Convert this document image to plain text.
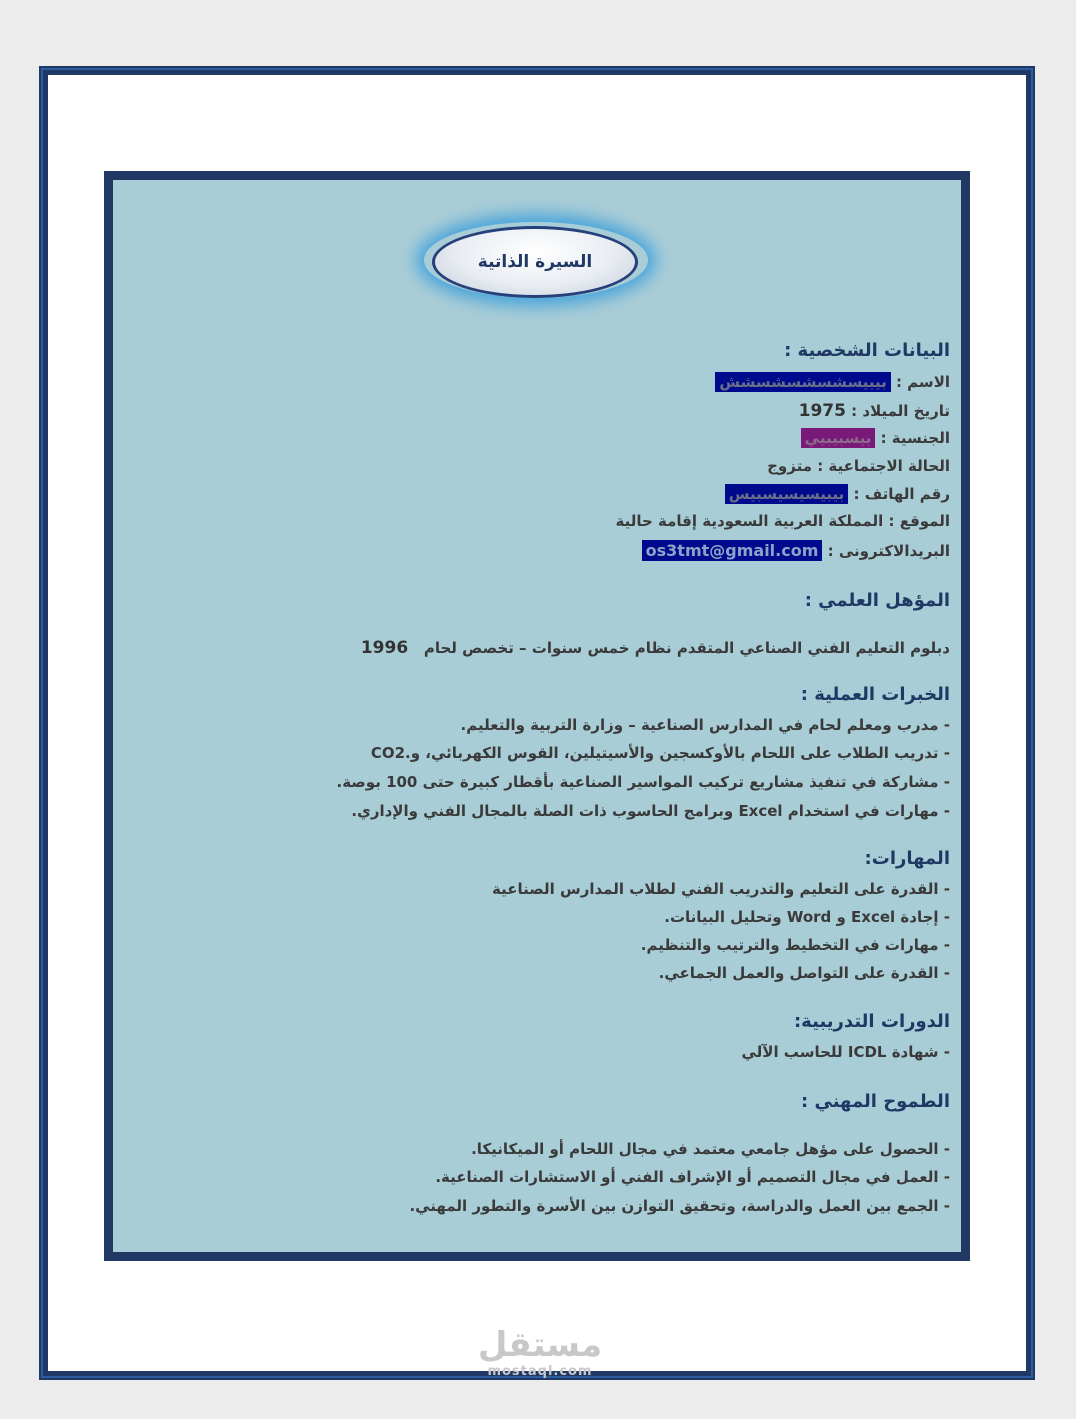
السيرة الذاتية
البيانات الشخصية :
الاسم : بيبيسشسشسشسشش
تاريخ الميلاد : 1975
الجنسية : بيسبيبيي
الحالة الاجتماعية : متزوج
رقم الهاتف : بيبيسيسيسبيس
الموقع : المملكة العربية السعودية إقامة حالية
البريدالاكترونى : os3tmt@gmail.com
المؤهل العلمي :
دبلوم التعليم الفني الصناعي المتقدم نظام خمس سنوات – تخصص لحام   1996
الخبرات العملية :
- مدرب ومعلم لحام في المدارس الصناعية – وزارة التربية والتعليم.
- تدريب الطلاب على اللحام بالأوكسجين والأسيتيلين، القوس الكهربائي، و.CO2
- مشاركة في تنفيذ مشاريع تركيب المواسير الصناعية بأقطار كبيرة حتى 100 بوصة.
- مهارات في استخدام Excel وبرامج الحاسوب ذات الصلة بالمجال الفني والإداري.
المهارات:
- القدرة على التعليم والتدريب الفني لطلاب المدارس الصناعية
- إجادة Excel و Word وتحليل البيانات.
- مهارات في التخطيط والترتيب والتنظيم.
- القدرة على التواصل والعمل الجماعي.
الدورات التدريبية:
- شهادة ICDL للحاسب الآلي
الطموح المهني :
- الحصول على مؤهل جامعي معتمد في مجال اللحام أو الميكانيكا.
- العمل في مجال التصميم أو الإشراف الفني أو الاستشارات الصناعية.
- الجمع بين العمل والدراسة، وتحقيق التوازن بين الأسرة والتطور المهني.
مستقل
mostaql.com
